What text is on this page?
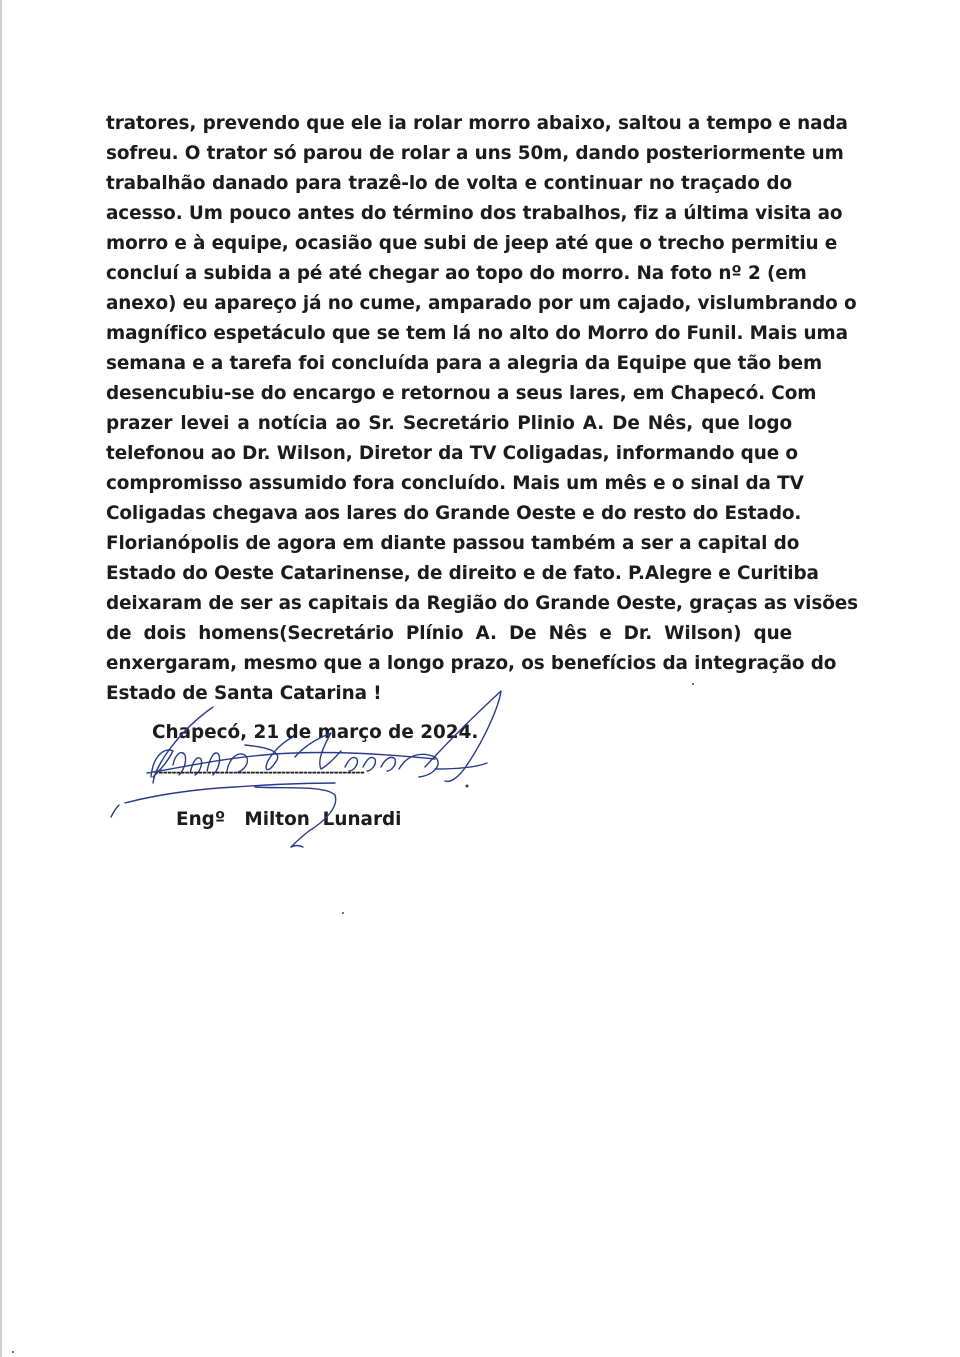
tratores, prevendo que ele ia rolar morro abaixo, saltou a tempo e nada
sofreu. O trator só parou de rolar a uns 50m, dando posteriormente um
trabalhão danado para trazê-lo de volta e continuar no traçado do
acesso. Um pouco antes do término dos trabalhos, fiz a última visita ao
morro e à equipe, ocasião que subi de jeep até que o trecho permitiu e
concluí a subida a pé até chegar ao topo do morro. Na foto nº 2 (em
anexo) eu apareço já no cume, amparado por um cajado, vislumbrando o
magnífico espetáculo que se tem lá no alto do Morro do Funil. Mais uma
semana e a tarefa foi concluída para a alegria da Equipe que tão bem
desencubiu-se do encargo e retornou a seus lares, em Chapecó. Com
prazer levei a notícia ao Sr. Secretário Plinio A. De Nês, que logo
telefonou ao Dr. Wilson, Diretor da TV Coligadas, informando que o
compromisso assumido fora concluído. Mais um mês e o sinal da TV
Coligadas chegava aos lares do Grande Oeste e do resto do Estado.
Florianópolis de agora em diante passou também a ser a capital do
Estado do Oeste Catarinense, de direito e de fato. P.Alegre e Curitiba
deixaram de ser as capitais da Região do Grande Oeste, graças as visões
de dois homens(Secretário Plínio A. De Nês e Dr. Wilson) que
enxergaram, mesmo que a longo prazo, os benefícios da integração do
Estado de Santa Catarina !

Chapecó, 21 de março de 2024.

------------------------------------------------

Engº   Milton  Lunardi
